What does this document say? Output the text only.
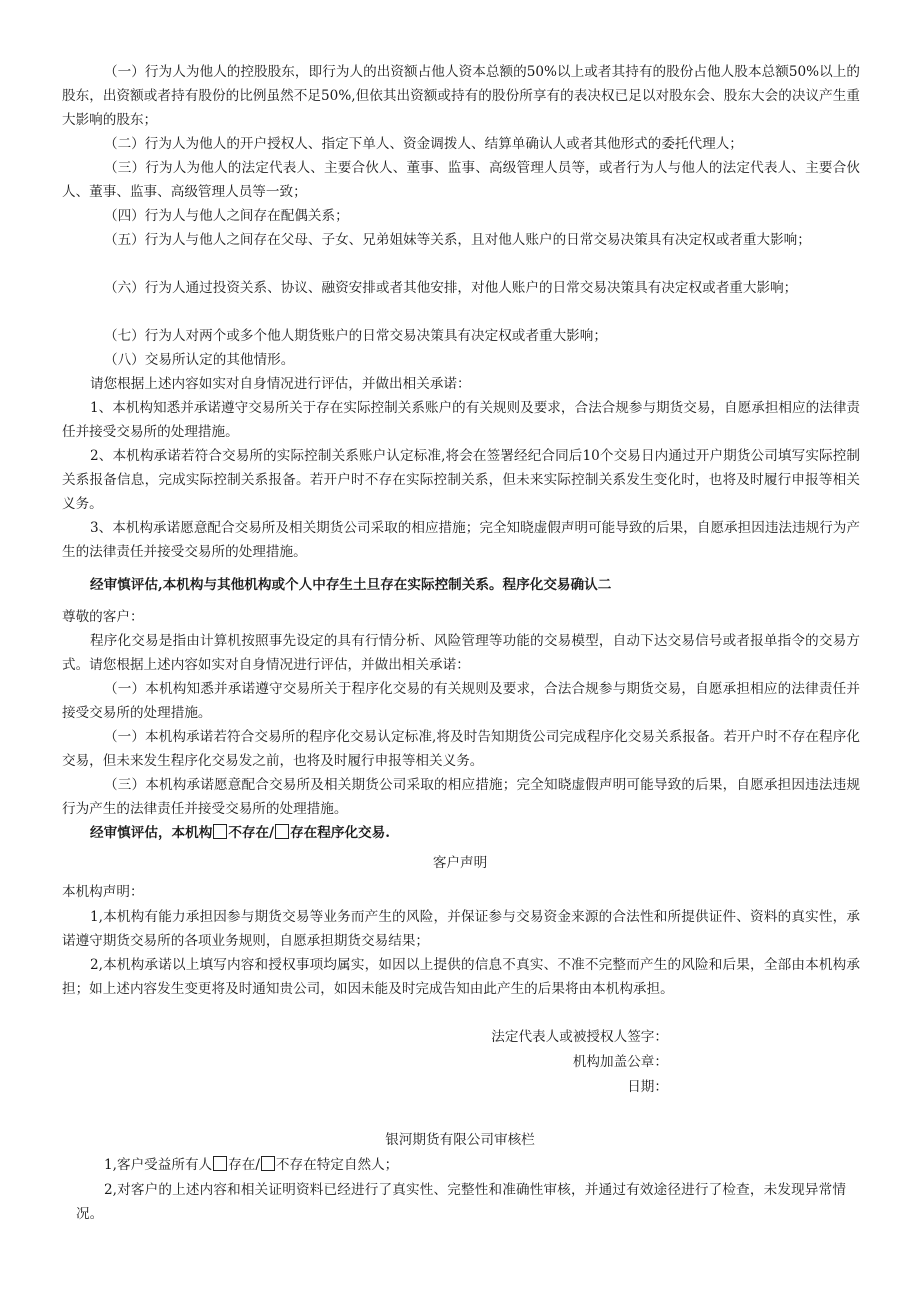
（一）行为人为他人的控股股东，即行为人的出资额占他人资本总额的50%以上或者其持有的股份占他人股本总额50%以上的股东，出资额或者持有股份的比例虽然不足50%,但依其出资额或持有的股份所享有的表决权已足以对股东会、股东大会的决议产生重大影响的股东；

（二）行为人为他人的开户授权人、指定下单人、资金调拨人、结算单确认人或者其他形式的委托代理人；

（三）行为人为他人的法定代表人、主要合伙人、董事、监事、高级管理人员等，或者行为人与他人的法定代表人、主要合伙人、董事、监事、高级管理人员等一致；

（四）行为人与他人之间存在配偶关系；

（五）行为人与他人之间存在父母、子女、兄弟姐妹等关系，且对他人账户的日常交易决策具有决定权或者重大影响；

（六）行为人通过投资关系、协议、融资安排或者其他安排，对他人账户的日常交易决策具有决定权或者重大影响；

（七）行为人对两个或多个他人期货账户的日常交易决策具有决定权或者重大影响；

（八）交易所认定的其他情形。

请您根据上述内容如实对自身情况进行评估，并做出相关承诺：

1、本机构知悉并承诺遵守交易所关于存在实际控制关系账户的有关规则及要求，合法合规参与期货交易，自愿承担相应的法律责任并接受交易所的处理措施。

2、本机构承诺若符合交易所的实际控制关系账户认定标准,将会在签署经纪合同后10个交易日内通过开户期货公司填写实际控制关系报备信息，完成实际控制关系报备。若开户时不存在实际控制关系，但未来实际控制关系发生变化时，也将及时履行申报等相关义务。

3、本机构承诺愿意配合交易所及相关期货公司采取的相应措施；完全知晓虚假声明可能导致的后果，自愿承担因违法违规行为产生的法律责任并接受交易所的处理措施。

经审慎评估,本机构与其他机构或个人中存生土旦存在实际控制关系。程序化交易确认二

尊敬的客户：

程序化交易是指由计算机按照事先设定的具有行情分析、风险管理等功能的交易模型，自动下达交易信号或者报单指令的交易方式。请您根据上述内容如实对自身情况进行评估，并做出相关承诺：

（一）本机构知悉并承诺遵守交易所关于程序化交易的有关规则及要求，合法合规参与期货交易，自愿承担相应的法律责任并接受交易所的处理措施。

（一）本机构承诺若符合交易所的程序化交易认定标准,将及时告知期货公司完成程序化交易关系报备。若开户时不存在程序化交易，但未来发生程序化交易发之前，也将及时履行申报等相关义务。

（三）本机构承诺愿意配合交易所及相关期货公司采取的相应措施；完全知晓虚假声明可能导致的后果，自愿承担因违法违规行为产生的法律责任并接受交易所的处理措施。

经审慎评估，本机构 不存在/ 存在程序化交易.

客户声明

本机构声明：

1,本机构有能力承担因参与期货交易等业务而产生的风险，并保证参与交易资金来源的合法性和所提供证件、资料的真实性，承诺遵守期货交易所的各项业务规则，自愿承担期货交易结果；

2,本机构承诺以上填写内容和授权事项均属实，如因以上提供的信息不真实、不准不完整而产生的风险和后果，全部由本机构承担；如上述内容发生变更将及时通知贵公司，如因未能及时完成告知由此产生的后果将由本机构承担。

法定代表人或被授权人签字：

机构加盖公章：

日期：

银河期货有限公司审核栏

1,客户受益所有人 存在/ 不存在特定自然人；

2,对客户的上述内容和相关证明资料已经进行了真实性、完整性和准确性审核，并通过有效途径进行了检查，未发现异常情况。
